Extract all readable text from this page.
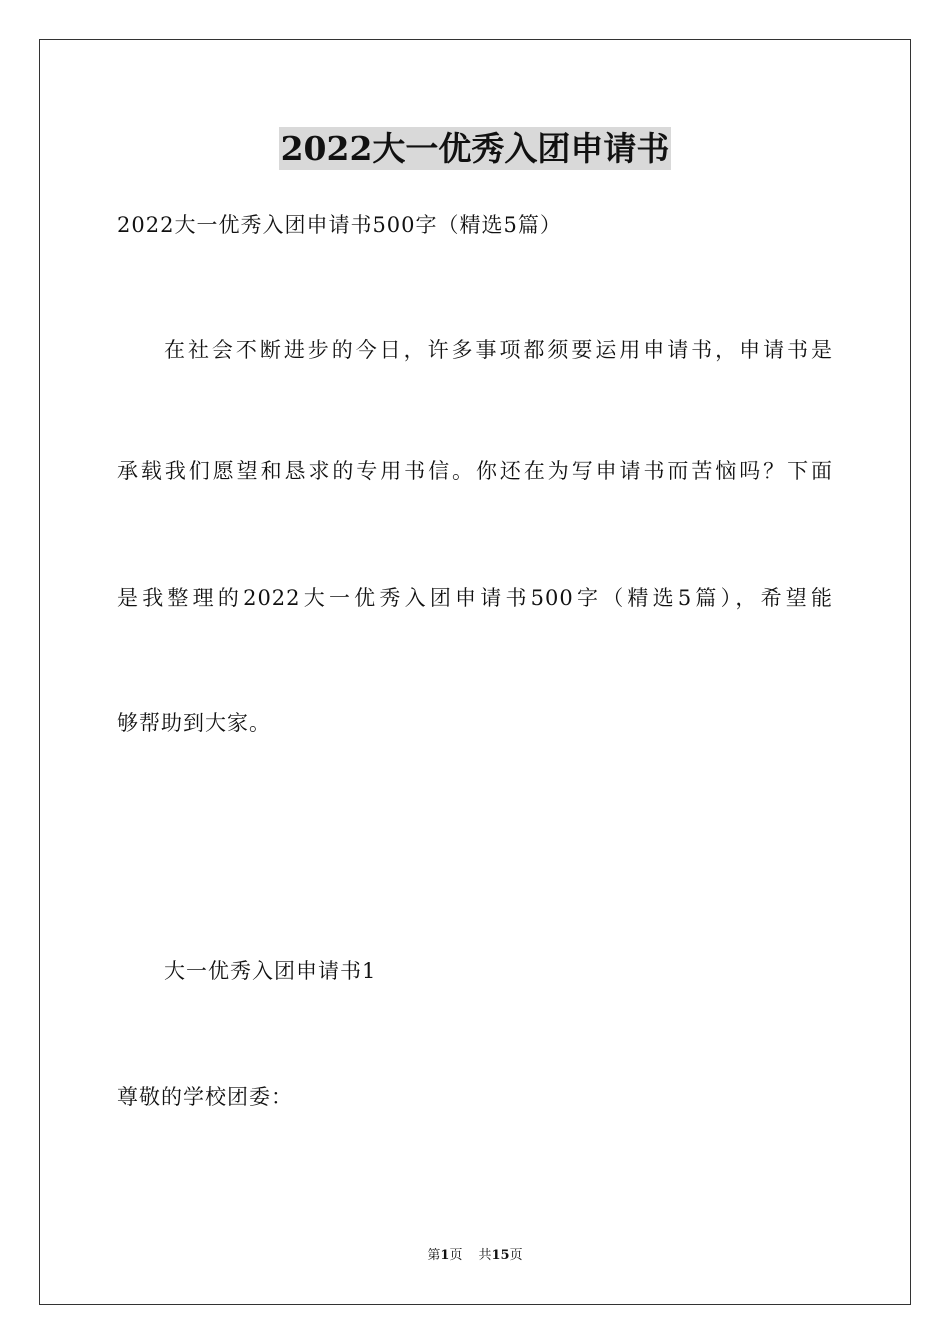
2022大一优秀入团申请书
2022大一优秀入团申请书500字（精选5篇）
在社会不断进步的今日，许多事项都须要运用申请书，申请书是
承载我们愿望和恳求的专用书信。你还在为写申请书而苦恼吗？下面
是我整理的2022大一优秀入团申请书500字（精选5篇），希望能
够帮助到大家。
大一优秀入团申请书1
尊敬的学校团委：
第1页 共15页
